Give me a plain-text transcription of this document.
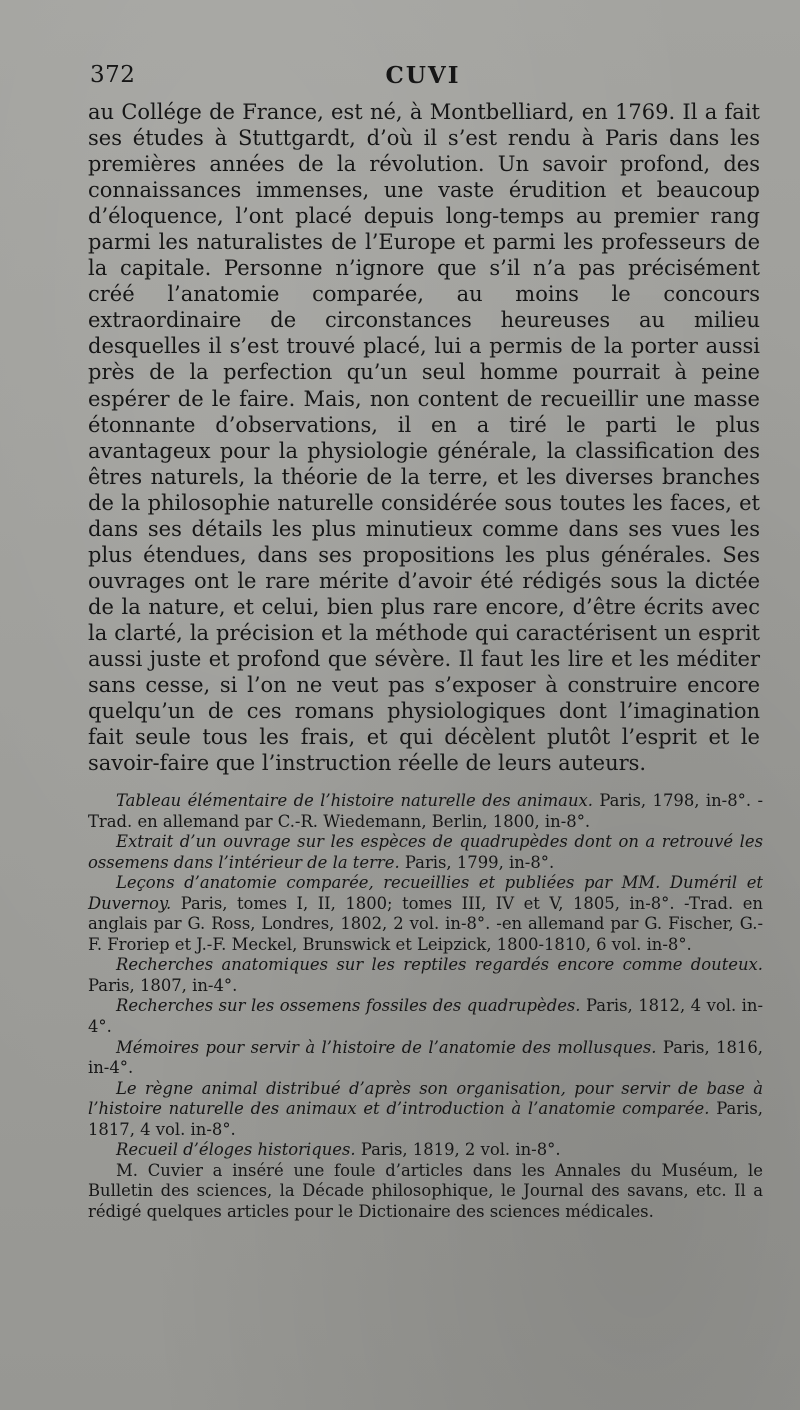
372	CUVI

au Collége de France, est né, à Montbelliard, en 1769. Il a fait ses études à Stuttgardt, d’où il s’est rendu à Paris dans les premières années de la révolution. Un savoir profond, des connaissances immenses, une vaste érudition et beaucoup d’éloquence, l’ont placé depuis long-temps au premier rang parmi les naturalistes de l’Europe et parmi les professeurs de la capitale. Personne n’ignore que s’il n’a pas précisément créé l’anatomie comparée, au moins le concours extraordinaire de circonstances heureuses au milieu desquelles il s’est trouvé placé, lui a permis de la porter aussi près de la perfection qu’un seul homme pourrait à peine espérer de le faire. Mais, non content de recueillir une masse étonnante d’observations, il en a tiré le parti le plus avantageux pour la physiologie générale, la classification des êtres naturels, la théorie de la terre, et les diverses branches de la philosophie naturelle considérée sous toutes les faces, et dans ses détails les plus minutieux comme dans ses vues les plus étendues, dans ses propositions les plus générales. Ses ouvrages ont le rare mérite d’avoir été rédigés sous la dictée de la nature, et celui, bien plus rare encore, d’être écrits avec la clarté, la précision et la méthode qui caractérisent un esprit aussi juste et profond que sévère. Il faut les lire et les méditer sans cesse, si l’on ne veut pas s’exposer à construire encore quelqu’un de ces romans physiologiques dont l’imagination fait seule tous les frais, et qui décèlent plutôt l’esprit et le savoir-faire que l’instruction réelle de leurs auteurs.

Tableau élémentaire de l’histoire naturelle des animaux. Paris, 1798, in-8°. -Trad. en allemand par C.-R. Wiedemann, Berlin, 1800, in-8°.
Extrait d’un ouvrage sur les espèces de quadrupèdes dont on a retrouvé les ossemens dans l’intérieur de la terre. Paris, 1799, in-8°.
Leçons d’anatomie comparée, recueillies et publiées par MM. Duméril et Duvernoy. Paris, tomes I, II, 1800; tomes III, IV et V, 1805, in-8°. -Trad. en anglais par G. Ross, Londres, 1802, 2 vol. in-8°. -en allemand par G. Fischer, G.-F. Froriep et J.-F. Meckel, Brunswick et Leipzick, 1800-1810, 6 vol. in-8°.
Recherches anatomiques sur les reptiles regardés encore comme douteux. Paris, 1807, in-4°.
Recherches sur les ossemens fossiles des quadrupèdes. Paris, 1812, 4 vol. in-4°.
Mémoires pour servir à l’histoire de l’anatomie des mollusques. Paris, 1816, in-4°.
Le règne animal distribué d’après son organisation, pour servir de base à l’histoire naturelle des animaux et d’introduction à l’anatomie comparée. Paris, 1817, 4 vol. in-8°.
Recueil d’éloges historiques. Paris, 1819, 2 vol. in-8°.
M. Cuvier a inséré une foule d’articles dans les Annales du Muséum, le Bulletin des sciences, la Décade philosophique, le Journal des savans, etc. Il a rédigé quelques articles pour le Dictionaire des sciences médicales.
